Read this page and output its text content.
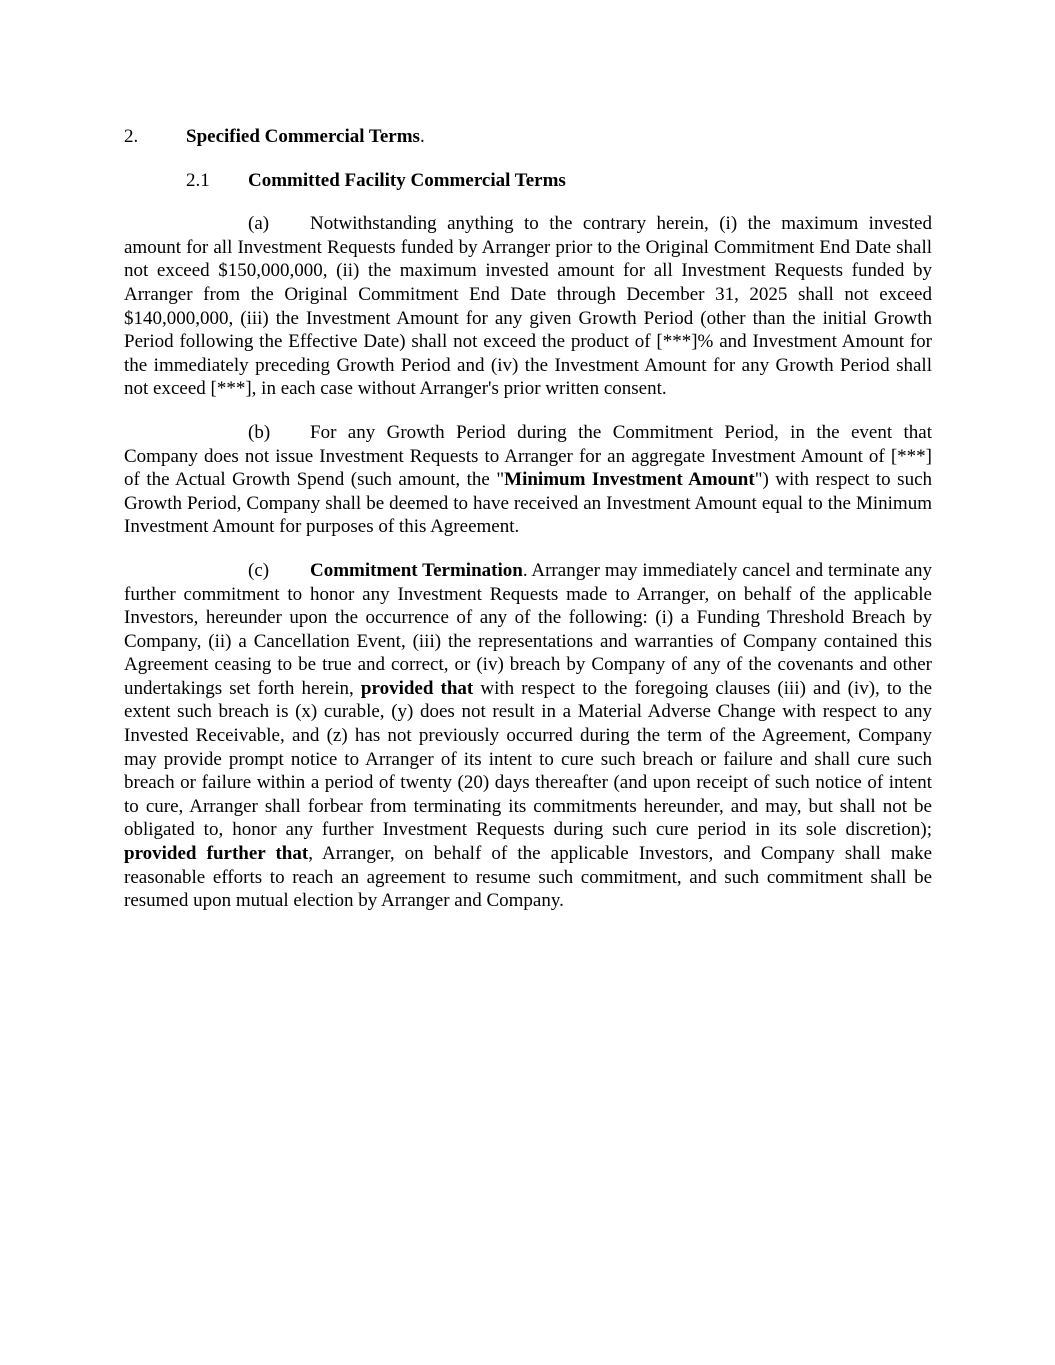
2.	Specified Commercial Terms.

2.1 Committed Facility Commercial Terms

(a) Notwithstanding anything to the contrary herein, (i) the maximum invested amount for all Investment Requests funded by Arranger prior to the Original Commitment End Date shall not exceed $150,000,000, (ii) the maximum invested amount for all Investment Requests funded by Arranger from the Original Commitment End Date through December 31, 2025 shall not exceed $140,000,000, (iii) the Investment Amount for any given Growth Period (other than the initial Growth Period following the Effective Date) shall not exceed the product of [***]% and Investment Amount for the immediately preceding Growth Period and (iv) the Investment Amount for any Growth Period shall not exceed [***], in each case without Arranger's prior written consent.

(b) For any Growth Period during the Commitment Period, in the event that Company does not issue Investment Requests to Arranger for an aggregate Investment Amount of [***] of the Actual Growth Spend (such amount, the "Minimum Investment Amount") with respect to such Growth Period, Company shall be deemed to have received an Investment Amount equal to the Minimum Investment Amount for purposes of this Agreement.

(c) Commitment Termination. Arranger may immediately cancel and terminate any further commitment to honor any Investment Requests made to Arranger, on behalf of the applicable Investors, hereunder upon the occurrence of any of the following: (i) a Funding Threshold Breach by Company, (ii) a Cancellation Event, (iii) the representations and warranties of Company contained this Agreement ceasing to be true and correct, or (iv) breach by Company of any of the covenants and other undertakings set forth herein, provided that with respect to the foregoing clauses (iii) and (iv), to the extent such breach is (x) curable, (y) does not result in a Material Adverse Change with respect to any Invested Receivable, and (z) has not previously occurred during the term of the Agreement, Company may provide prompt notice to Arranger of its intent to cure such breach or failure and shall cure such breach or failure within a period of twenty (20) days thereafter (and upon receipt of such notice of intent to cure, Arranger shall forbear from terminating its commitments hereunder, and may, but shall not be obligated to, honor any further Investment Requests during such cure period in its sole discretion); provided further that, Arranger, on behalf of the applicable Investors, and Company shall make reasonable efforts to reach an agreement to resume such commitment, and such commitment shall be resumed upon mutual election by Arranger and Company.
